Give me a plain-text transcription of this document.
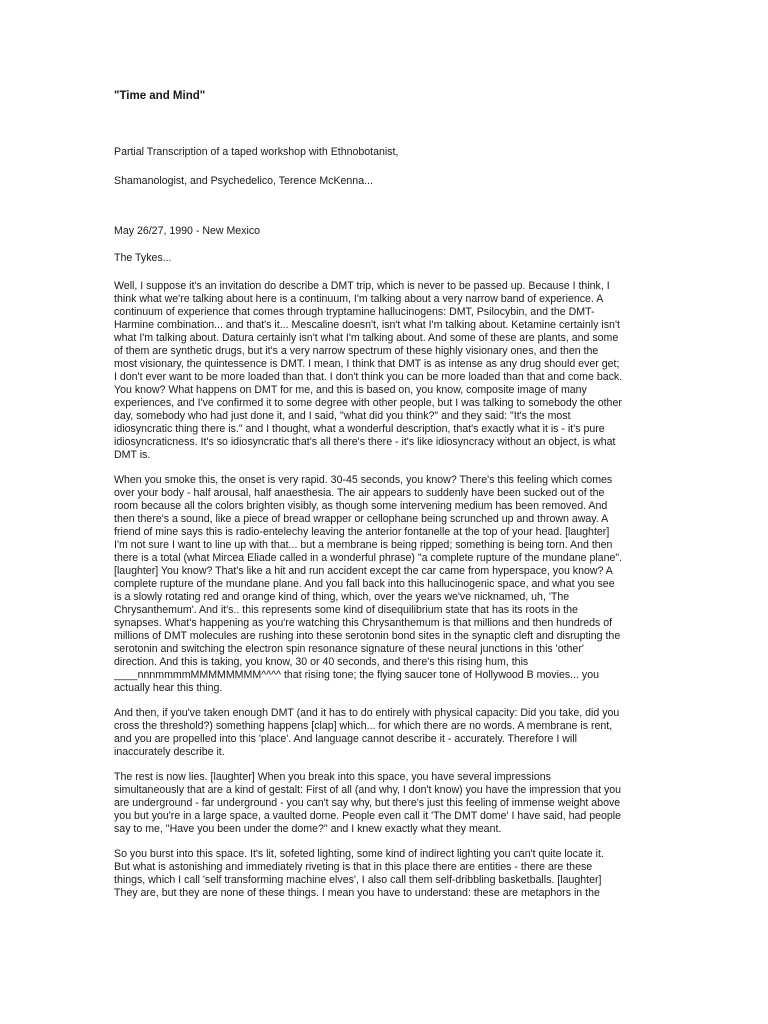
"Time and Mind"

Partial Transcription of a taped workshop with Ethnobotanist,

Shamanologist, and Psychedelico, Terence McKenna...

May 26/27, 1990 - New Mexico

The Tykes...

Well, I suppose it's an invitation do describe a DMT trip, which is never to be passed up. Because I think, I

think what we're talking about here is a continuum, I'm talking about a very narrow band of experience. A

continuum of experience that comes through tryptamine hallucinogens: DMT, Psilocybin, and the DMT-

Harmine combination... and that's it... Mescaline doesn't, isn't what I'm talking about. Ketamine certainly isn't

what I'm talking about. Datura certainly isn't what I'm talking about. And some of these are plants, and some

of them are synthetic drugs, but it's a very narrow spectrum of these highly visionary ones, and then the

most visionary, the quintessence is DMT. I mean, I think that DMT is as intense as any drug should ever get;

I don't ever want to be more loaded than that. I don't think you can be more loaded than that and come back.

You know? What happens on DMT for me, and this is based on, you know, composite image of many

experiences, and I've confirmed it to some degree with other people, but I was talking to somebody the other

day, somebody who had just done it, and I said, "what did you think?" and they said: "It's the most

idiosyncratic thing there is." and I thought, what a wonderful description, that's exactly what it is - it's pure

idiosyncraticness. It's so idiosyncratic that's all there's there - it's like idiosyncracy without an object, is what

DMT is.

When you smoke this, the onset is very rapid. 30-45 seconds, you know? There's this feeling which comes

over your body - half arousal, half anaesthesia. The air appears to suddenly have been sucked out of the

room because all the colors brighten visibly, as though some intervening medium has been removed. And

then there's a sound, like a piece of bread wrapper or cellophane being scrunched up and thrown away. A

friend of mine says this is radio-entelechy leaving the anterior fontanelle at the top of your head. [laughter]

I'm not sure I want to line up with that... but a membrane is being ripped; something is being torn. And then

there is a total (what Mircea Eliade called in a wonderful phrase) "a complete rupture of the mundane plane".

[laughter] You know? That's like a hit and run accident except the car came from hyperspace, you know? A

complete rupture of the mundane plane. And you fall back into this hallucinogenic space, and what you see

is a slowly rotating red and orange kind of thing, which, over the years we've nicknamed, uh, 'The

Chrysanthemum'. And it's.. this represents some kind of disequilibrium state that has its roots in the

synapses. What's happening as you're watching this Chrysanthemum is that millions and then hundreds of

millions of DMT molecules are rushing into these serotonin bond sites in the synaptic cleft and disrupting the

serotonin and switching the electron spin resonance signature of these neural junctions in this 'other'

direction. And this is taking, you know, 30 or 40 seconds, and there's this rising hum, this

____nnnmmmmMMMMMMMM^^^^ that rising tone; the flying saucer tone of Hollywood B movies... you

actually hear this thing.

And then, if you've taken enough DMT (and it has to do entirely with physical capacity: Did you take, did you

cross the threshold?) something happens [clap] which... for which there are no words. A membrane is rent,

and you are propelled into this 'place'. And language cannot describe it - accurately. Therefore I will

inaccurately describe it.

The rest is now lies. [laughter] When you break into this space, you have several impressions

simultaneously that are a kind of gestalt: First of all (and why, I don't know) you have the impression that you

are underground - far underground - you can't say why, but there's just this feeling of immense weight above

you but you're in a large space, a vaulted dome. People even call it 'The DMT dome' I have said, had people

say to me, "Have you been under the dome?" and I knew exactly what they meant.

So you burst into this space. It's lit, sofeted lighting, some kind of indirect lighting you can't quite locate it.

But what is astonishing and immediately riveting is that in this place there are entities - there are these

things, which I call 'self transforming machine elves', I also call them self-dribbling basketballs. [laughter]

They are, but they are none of these things. I mean you have to understand: these are metaphors in the
